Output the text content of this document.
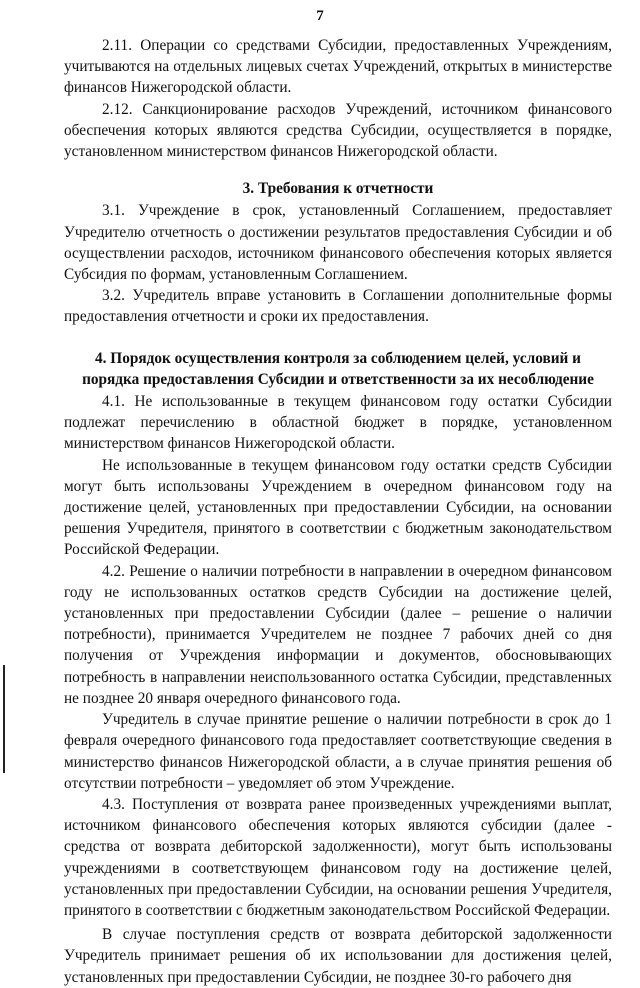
7

2.11. Операции со средствами Субсидии, предоставленных Учреждениям, учитываются на отдельных лицевых счетах Учреждений, открытых в министерстве финансов Нижегородской области.

2.12. Санкционирование расходов Учреждений, источником финансового обеспечения которых являются средства Субсидии, осуществляется в порядке, установленном министерством финансов Нижегородской области.

3. Требования к отчетности

3.1. Учреждение в срок, установленный Соглашением, предоставляет Учредителю отчетность о достижении результатов предоставления Субсидии и об осуществлении расходов, источником финансового обеспечения которых является Субсидия по формам, установленным Соглашением.

3.2. Учредитель вправе установить в Соглашении дополнительные формы предоставления отчетности и сроки их предоставления.

4. Порядок осуществления контроля за соблюдением целей, условий и
порядка предоставления Субсидии и ответственности за их несоблюдение

4.1. Не использованные в текущем финансовом году остатки Субсидии подлежат перечислению в областной бюджет в порядке, установленном министерством финансов Нижегородской области.

Не использованные в текущем финансовом году остатки средств Субсидии могут быть использованы Учреждением в очередном финансовом году на достижение целей, установленных при предоставлении Субсидии, на основании решения Учредителя, принятого в соответствии с бюджетным законодательством Российской Федерации.

4.2. Решение о наличии потребности в направлении в очередном финансовом году не использованных остатков средств Субсидии на достижение целей, установленных при предоставлении Субсидии (далее – решение о наличии потребности), принимается Учредителем не позднее 7 рабочих дней со дня получения от Учреждения информации и документов, обосновывающих потребность в направлении неиспользованного остатка Субсидии, представленных не позднее 20 января очередного финансового года.

Учредитель в случае принятие решение о наличии потребности в срок до 1 февраля очередного финансового года предоставляет соответствующие сведения в министерство финансов Нижегородской области, а в случае принятия решения об отсутствии потребности – уведомляет об этом Учреждение.

4.3. Поступления от возврата ранее произведенных учреждениями выплат, источником финансового обеспечения которых являются субсидии (далее - средства от возврата дебиторской задолженности), могут быть использованы учреждениями в соответствующем финансовом году на достижение целей, установленных при предоставлении Субсидии, на основании решения Учредителя, принятого в соответствии с бюджетным законодательством Российской Федерации.

В случае поступления средств от возврата дебиторской задолженности Учредитель принимает решения об их использовании для достижения целей, установленных при предоставлении Субсидии, не позднее 30-го рабочего дня
